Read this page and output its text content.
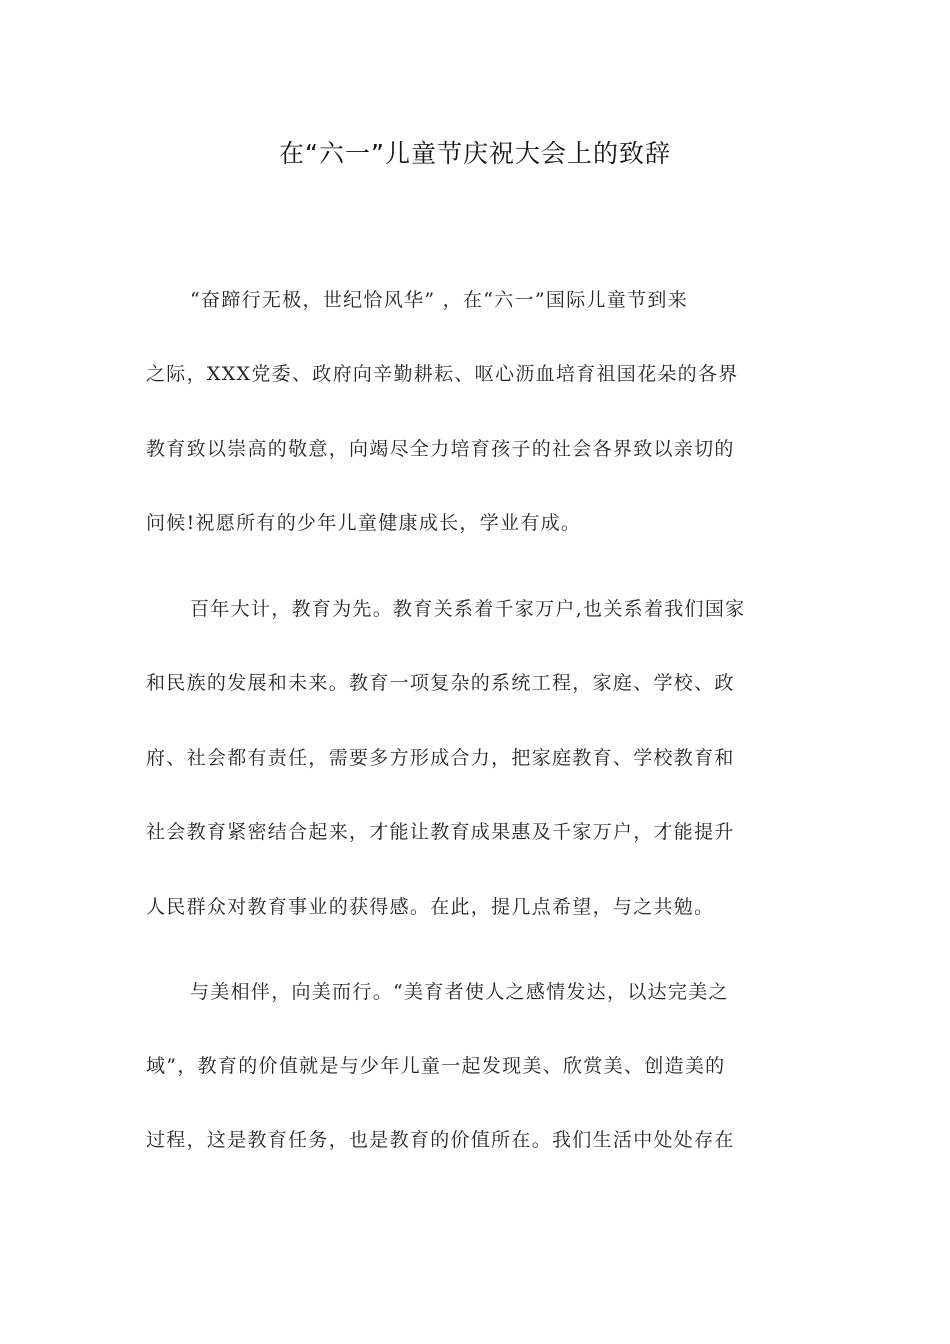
在“六一”儿童节庆祝大会上的致辞
“奋蹄行无极，世纪恰风华” ，在“六一”国际儿童节到来
之际，XXX党委、政府向辛勤耕耘、呕心沥血培育祖国花朵的各界
教育致以崇高的敬意，向竭尽全力培育孩子的社会各界致以亲切的
问候!祝愿所有的少年儿童健康成长，学业有成。
百年大计，教育为先。教育关系着千家万户,也关系着我们国家
和民族的发展和未来。教育一项复杂的系统工程，家庭、学校、政
府、社会都有责任，需要多方形成合力，把家庭教育、学校教育和
社会教育紧密结合起来，才能让教育成果惠及千家万户，才能提升
人民群众对教育事业的获得感。在此，提几点希望，与之共勉。
与美相伴，向美而行。“美育者使人之感情发达，以达完美之
域”，教育的价值就是与少年儿童一起发现美、欣赏美、创造美的
过程，这是教育任务，也是教育的价值所在。我们生活中处处存在
